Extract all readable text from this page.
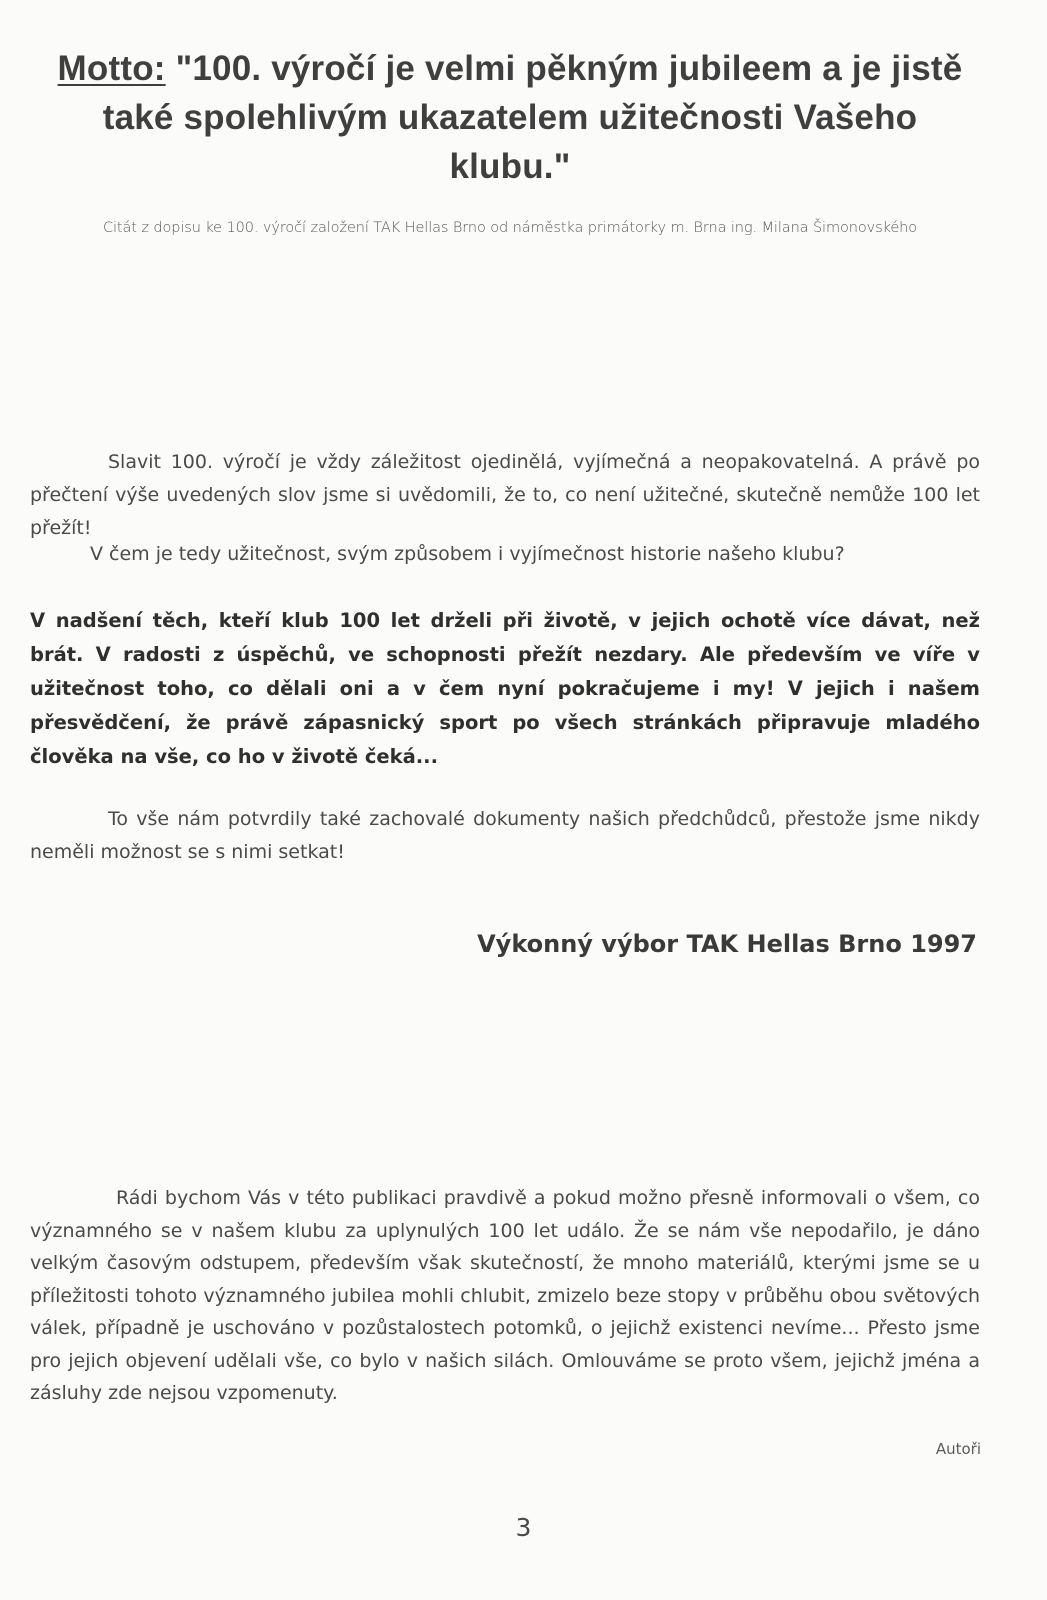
Motto: "100. výročí je velmi pěkným jubileem a je jistě také spolehlivým ukazatelem užitečnosti Vašeho klubu."
Citát z dopisu ke 100. výročí založení TAK Hellas Brno od náměstka primátorky m. Brna ing. Milana Šimonovského

Slavit 100. výročí je vždy záležitost ojedinělá, vyjímečná a neopakovatelná. A právě po přečtení výše uvedených slov jsme si uvědomili, že to, co není užitečné, skutečně nemůže 100 let přežít!

V čem je tedy užitečnost, svým způsobem i vyjímečnost historie našeho klubu?

V nadšení těch, kteří klub 100 let drželi při životě, v jejich ochotě více dávat, než brát. V radosti z úspěchů, ve schopnosti přežít nezdary. Ale především ve víře v užitečnost toho, co dělali oni a v čem nyní pokračujeme i my! V jejich i našem přesvědčení, že právě zápasnický sport po všech stránkách připravuje mladého člověka na vše, co ho v životě čeká...

To vše nám potvrdily také zachovalé dokumenty našich předchůdců, přestože jsme nikdy neměli možnost se s nimi setkat!

Výkonný výbor TAK Hellas Brno 1997

Rádi bychom Vás v této publikaci pravdivě a pokud možno přesně informovali o všem, co významného se v našem klubu za uplynulých 100 let událo. Že se nám vše nepodařilo, je dáno velkým časovým odstupem, především však skutečností, že mnoho materiálů, kterými jsme se u příležitosti tohoto významného jubilea mohli chlubit, zmizelo beze stopy v průběhu obou světových válek, případně je uschováno v pozůstalostech potomků, o jejichž existenci nevíme... Přesto jsme pro jejich objevení udělali vše, co bylo v našich silách. Omlouváme se proto všem, jejichž jména a zásluhy zde nejsou vzpomenuty.

Autoři
3
